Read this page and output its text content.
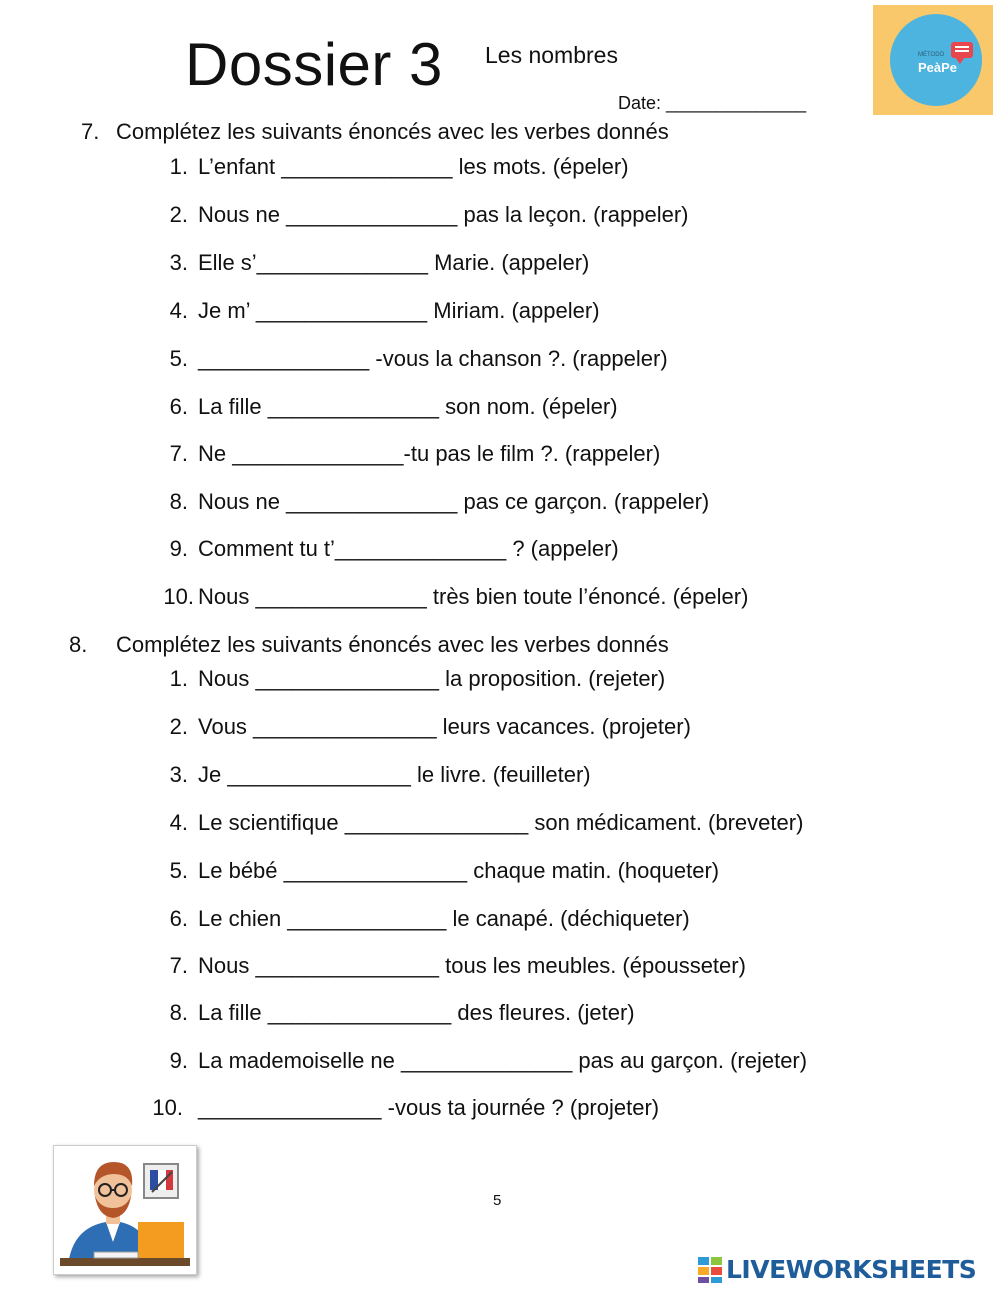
Dossier 3 Les nombres
Date: ______________
MÉTODO
PeàPe
7. Complétez les suivants énoncés avec les verbes donnés
1. L’enfant ______________ les mots. (épeler)
2. Nous ne ______________ pas la leçon. (rappeler)
3. Elle s’______________ Marie. (appeler)
4. Je m’ ______________ Miriam. (appeler)
5. ______________ -vous la chanson ?. (rappeler)
6. La fille ______________ son nom. (épeler)
7. Ne ______________-tu pas le film ?. (rappeler)
8. Nous ne ______________ pas ce garçon. (rappeler)
9. Comment tu t’______________ ? (appeler)
10. Nous ______________ très bien toute l’énoncé. (épeler)
8. Complétez les suivants énoncés avec les verbes donnés
1. Nous _______________ la proposition. (rejeter)
2. Vous _______________ leurs vacances. (projeter)
3. Je _______________ le livre. (feuilleter)
4. Le scientifique _______________ son médicament. (breveter)
5. Le bébé _______________ chaque matin. (hoqueter)
6. Le chien _____________ le canapé. (déchiqueter)
7. Nous _______________ tous les meubles. (épousseter)
8. La fille _______________ des fleures. (jeter)
9. La mademoiselle ne ______________ pas au garçon. (rejeter)
10. _______________ -vous ta journée ? (projeter)
5
LIVEWORKSHEETS
